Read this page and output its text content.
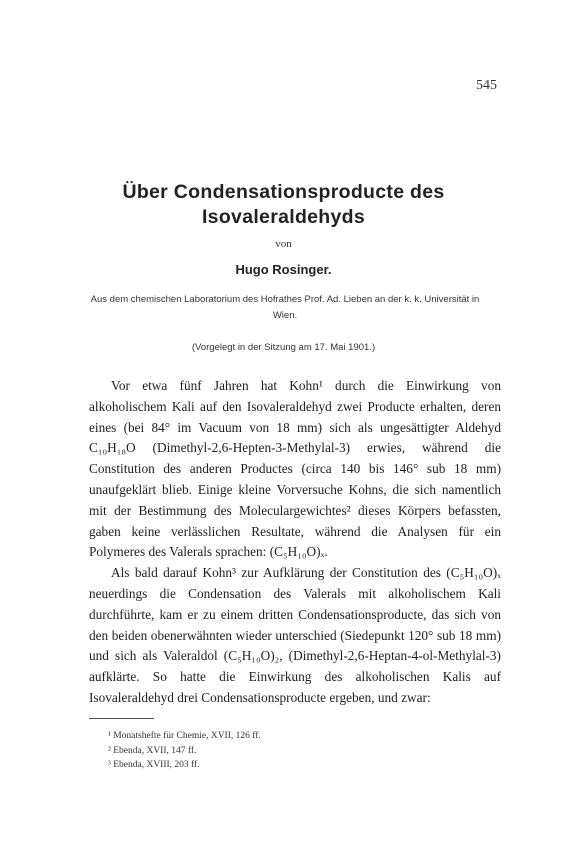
545
Über Condensationsproducte des Isovaleraldehyds
von
Hugo Rosinger.
Aus dem chemischen Laboratorium des Hofrathes Prof. Ad. Lieben an der k. k. Universität in Wien.
(Vorgelegt in der Sitzung am 17. Mai 1901.)

Vor etwa fünf Jahren hat Kohn¹ durch die Einwirkung von alkoholischem Kali auf den Isovaleraldehyd zwei Producte erhalten, deren eines (bei 84° im Vacuum von 18 mm) sich als ungesättigter Aldehyd C₁₀H₁₈O (Dimethyl-2,6-Hepten-3-Methylal-3) erwies, während die Constitution des anderen Productes (circa 140 bis 146° sub 18 mm) unaufgeklärt blieb. Einige kleine Vorversuche Kohns, die sich namentlich mit der Bestimmung des Moleculargewichtes² dieses Körpers befassten, gaben keine verlässlichen Resultate, während die Analysen für ein Polymeres des Valerals sprachen: (C₅H₁₀O)ₓ.

Als bald darauf Kohn³ zur Aufklärung der Constitution des (C₅H₁₀O)ₓ neuerdings die Condensation des Valerals mit alkoholischem Kali durchführte, kam er zu einem dritten Condensationsproducte, das sich von den beiden obenerwähnten wieder unterschied (Siedepunkt 120° sub 18 mm) und sich als Valeraldol (C₅H₁₀O)₂, (Dimethyl-2,6-Heptan-4-ol-Methylal-3) aufklärte. So hatte die Einwirkung des alkoholischen Kalis auf Isovaleraldehyd drei Condensationsproducte ergeben, und zwar:

¹ Monatshefte für Chemie, XVII, 126 ff.
² Ebenda, XVII, 147 ff.
³ Ebenda, XVIII, 203 ff.
